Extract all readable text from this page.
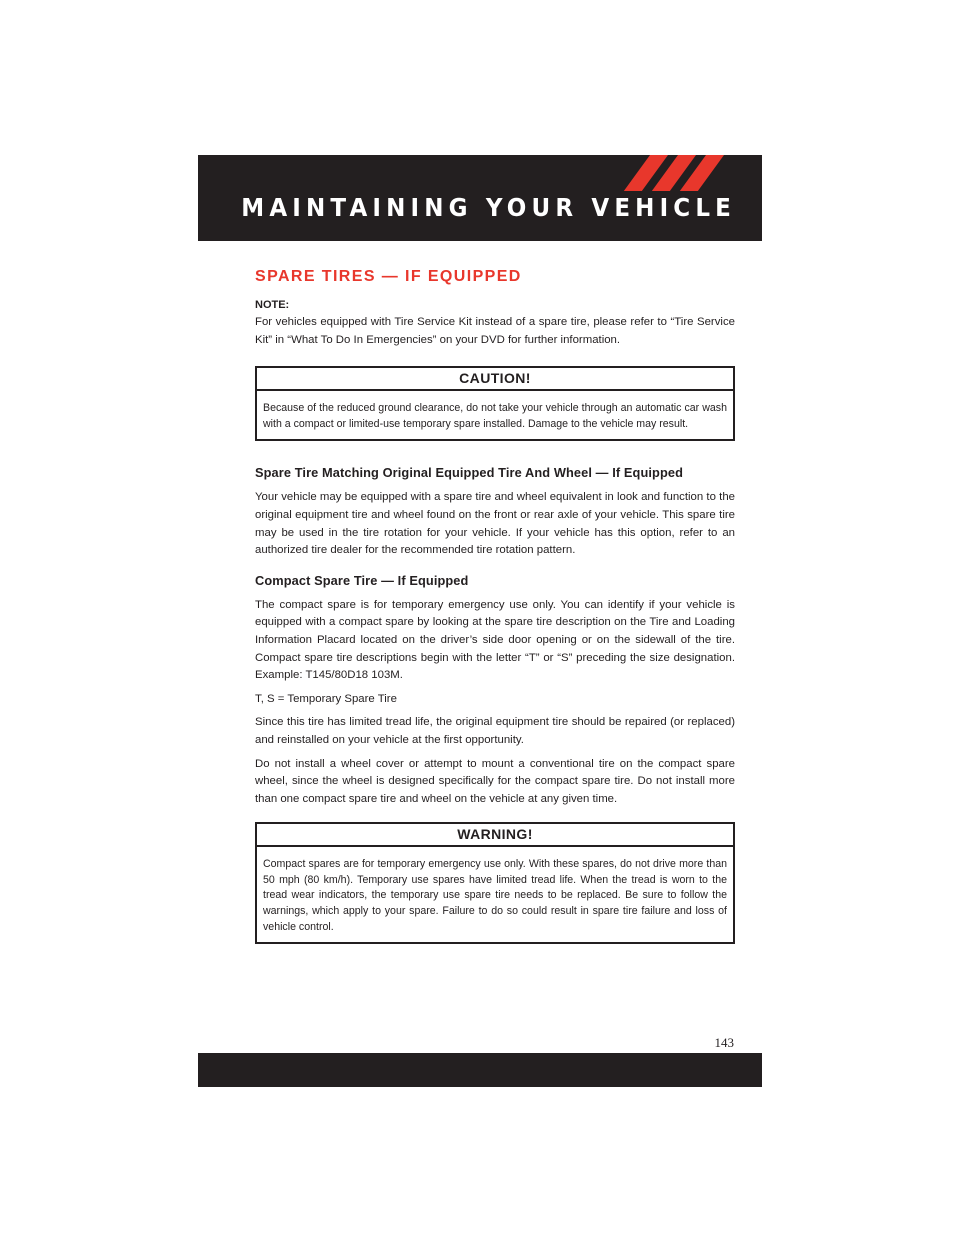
MAINTAINING YOUR VEHICLE
SPARE TIRES — IF EQUIPPED
NOTE:

For vehicles equipped with Tire Service Kit instead of a spare tire, please refer to “Tire Service Kit” in “What To Do In Emergencies” on your DVD for further information.

CAUTION!

Because of the reduced ground clearance, do not take your vehicle through an automatic car wash with a compact or limited-use temporary spare installed. Damage to the vehicle may result.

Spare Tire Matching Original Equipped Tire And Wheel — If Equipped

Your vehicle may be equipped with a spare tire and wheel equivalent in look and function to the original equipment tire and wheel found on the front or rear axle of your vehicle. This spare tire may be used in the tire rotation for your vehicle. If your vehicle has this option, refer to an authorized tire dealer for the recommended tire rotation pattern.

Compact Spare Tire — If Equipped

The compact spare is for temporary emergency use only. You can identify if your vehicle is equipped with a compact spare by looking at the spare tire description on the Tire and Loading Information Placard located on the driver’s side door opening or on the sidewall of the tire. Compact spare tire descriptions begin with the letter “T” or “S” preceding the size designation. Example: T145/80D18 103M.

T, S = Temporary Spare Tire

Since this tire has limited tread life, the original equipment tire should be repaired (or replaced) and reinstalled on your vehicle at the first opportunity.

Do not install a wheel cover or attempt to mount a conventional tire on the compact spare wheel, since the wheel is designed specifically for the compact spare tire. Do not install more than one compact spare tire and wheel on the vehicle at any given time.

WARNING!

Compact spares are for temporary emergency use only. With these spares, do not drive more than 50 mph (80 km/h). Temporary use spares have limited tread life. When the tread is worn to the tread wear indicators, the temporary use spare tire needs to be replaced. Be sure to follow the warnings, which apply to your spare. Failure to do so could result in spare tire failure and loss of vehicle control.

143
